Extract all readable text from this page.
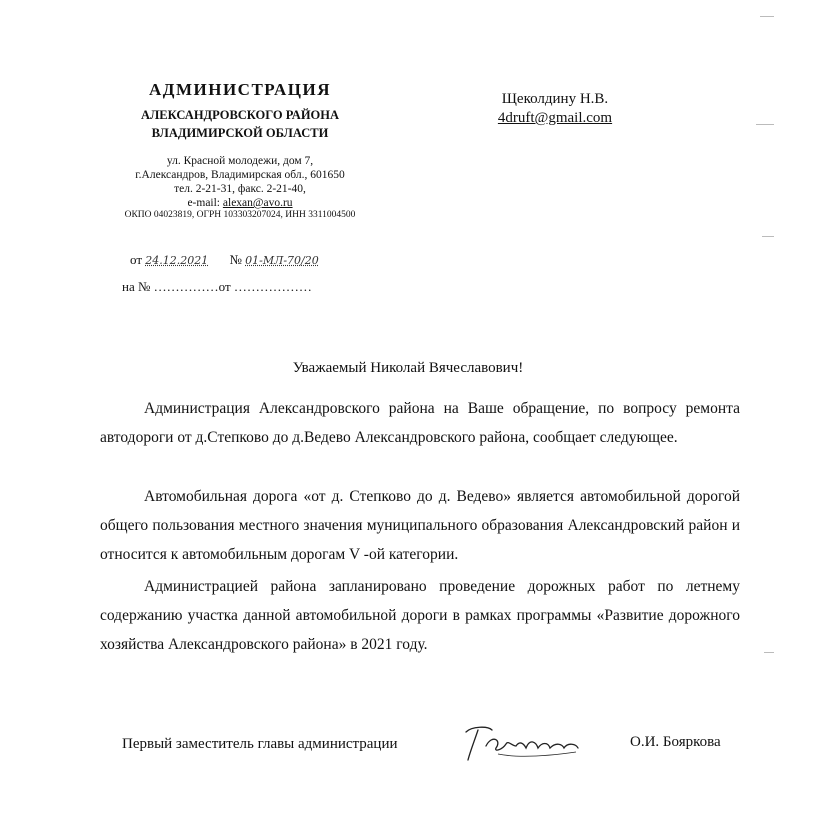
АДМИНИСТРАЦИЯ
АЛЕКСАНДРОВСКОГО РАЙОНА
ВЛАДИМИРСКОЙ ОБЛАСТИ
ул. Красной молодежи, дом 7,
г.Александров, Владимирская обл., 601650
тел. 2-21-31, факс. 2-21-40,
e-mail: alexan@avo.ru
ОКПО 04023819, ОГРН 103303207024, ИНН 3311004500
Щеколдину Н.В.
4druft@gmail.com
от 24.12.2021 № 01-МЛ-70/20
на № ……………от ………………
Уважаемый Николай Вячеславович!
Администрация Александровского района на Ваше обращение, по вопросу ремонта автодороги от д.Степково до д.Ведево Александровского района, сообщает следующее.
Автомобильная дорога «от д. Степково до д. Ведево» является автомобильной дорогой общего пользования местного значения муниципального образования Александровский район и относится к автомобильным дорогам V -ой категории.
Администрацией района запланировано проведение дорожных работ по летнему содержанию участка данной автомобильной дороги в рамках программы «Развитие дорожного хозяйства Александровского района» в 2021 году.
Первый заместитель главы администрации	О.И. Бояркова
